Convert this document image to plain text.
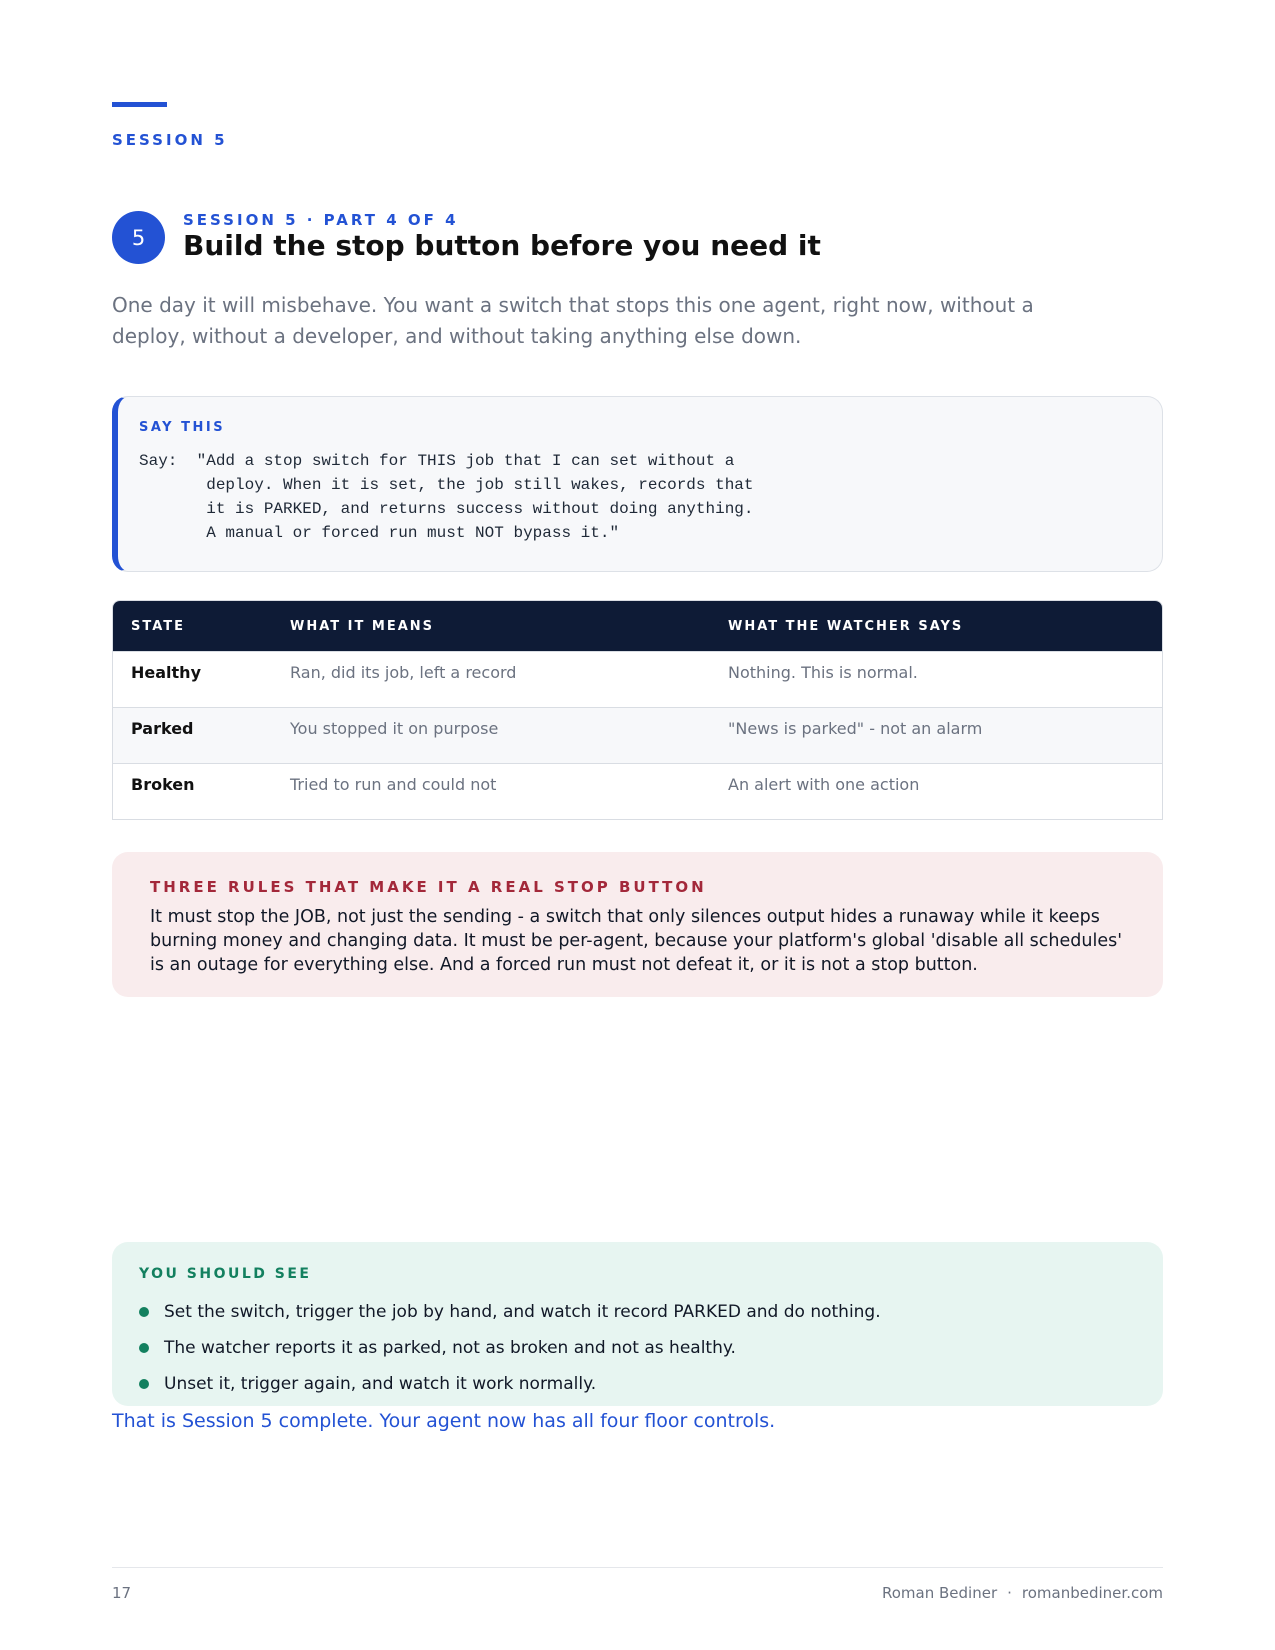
SESSION 5
5
SESSION 5 · PART 4 OF 4
Build the stop button before you need it

One day it will misbehave. You want a switch that stops this one agent, right now, without a deploy, without a developer, and without taking anything else down.

SAY THIS
Say:  "Add a stop switch for THIS job that I can set without a
deploy. When it is set, the job still wakes, records that
it is PARKED, and returns success without doing anything.
A manual or forced run must NOT bypass it."
STATE	WHAT IT MEANS	WHAT THE WATCHER SAYS
Healthy	Ran, did its job, left a record	Nothing. This is normal.
Parked	You stopped it on purpose	"News is parked" - not an alarm
Broken	Tried to run and could not	An alert with one action
THREE RULES THAT MAKE IT A REAL STOP BUTTON

It must stop the JOB, not just the sending - a switch that only silences output hides a runaway while it keeps burning money and changing data. It must be per-agent, because your platform's global 'disable all schedules' is an outage for everything else. And a forced run must not defeat it, or it is not a stop button.

YOU SHOULD SEE
Set the switch, trigger the job by hand, and watch it record PARKED and do nothing.
The watcher reports it as parked, not as broken and not as healthy.
Unset it, trigger again, and watch it work normally.

That is Session 5 complete. Your agent now has all four floor controls.

17	Roman Bediner · romanbediner.com
